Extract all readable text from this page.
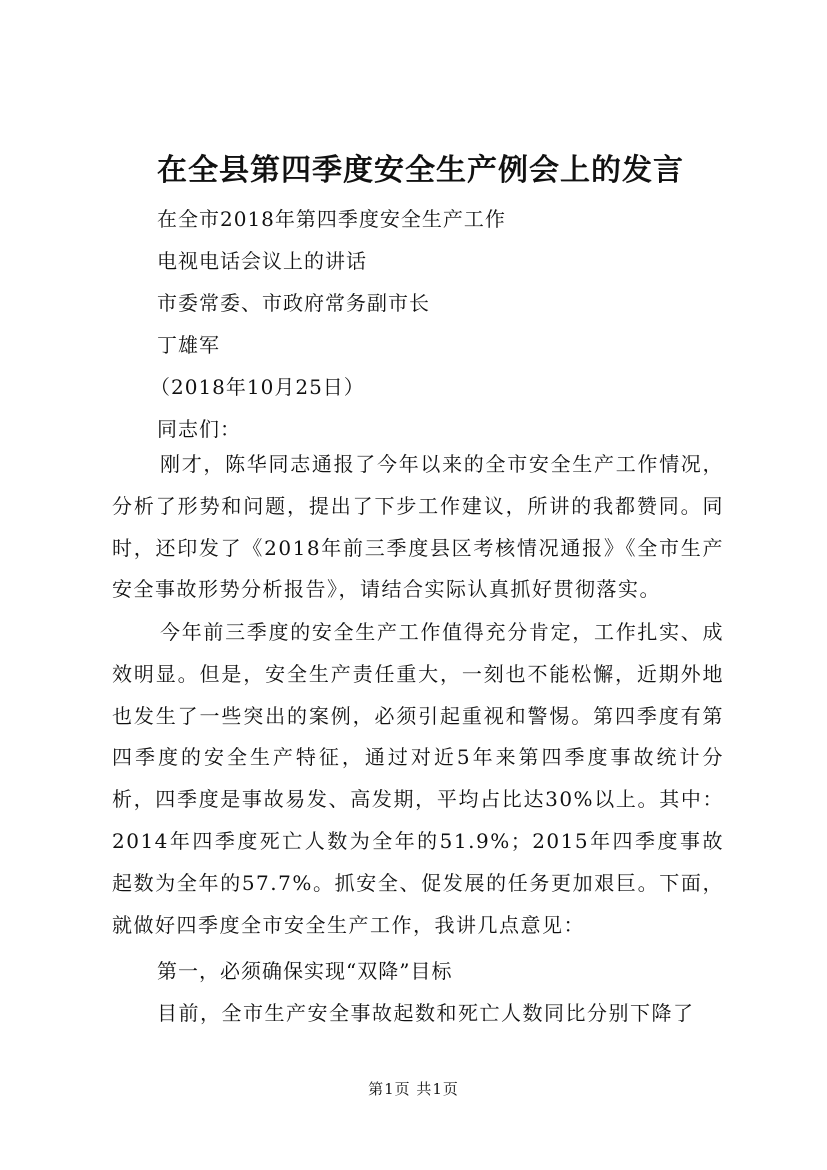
在全县第四季度安全生产例会上的发言
在全市2018年第四季度安全生产工作
电视电话会议上的讲话
市委常委、市政府常务副市长
丁雄军
（2018年10月25日）
同志们：

刚才，陈华同志通报了今年以来的全市安全生产工作情况，分析了形势和问题，提出了下步工作建议，所讲的我都赞同。同时，还印发了《2018年前三季度县区考核情况通报》《全市生产安全事故形势分析报告》，请结合实际认真抓好贯彻落实。

今年前三季度的安全生产工作值得充分肯定，工作扎实、成效明显。但是，安全生产责任重大，一刻也不能松懈，近期外地也发生了一些突出的案例，必须引起重视和警惕。第四季度有第四季度的安全生产特征，通过对近5年来第四季度事故统计分析，四季度是事故易发、高发期，平均占比达30%以上。其中：2014年四季度死亡人数为全年的51.9%；2015年四季度事故起数为全年的57.7%。抓安全、促发展的任务更加艰巨。下面，就做好四季度全市安全生产工作，我讲几点意见：

第一，必须确保实现“双降”目标
目前，全市生产安全事故起数和死亡人数同比分别下降了
第1页 共1页
